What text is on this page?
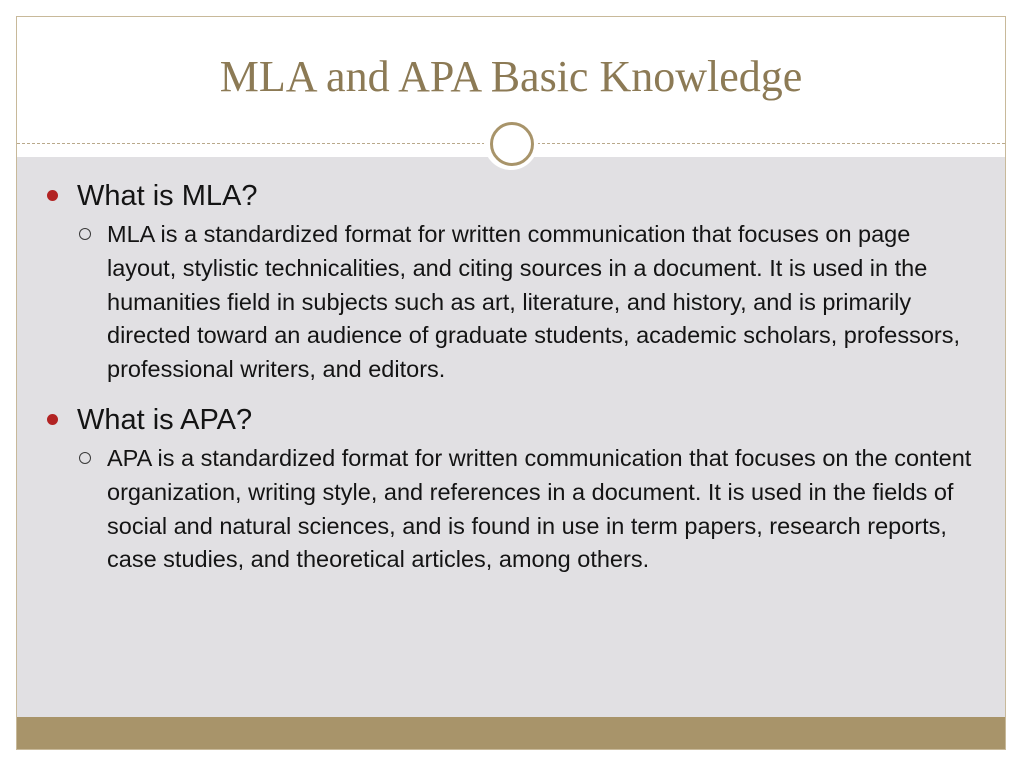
MLA and APA Basic Knowledge
What is MLA?
MLA is a standardized format for written communication that focuses on page layout, stylistic technicalities, and citing sources in a document. It is used in the humanities field in subjects such as art, literature, and history, and is primarily directed toward an audience of graduate students, academic scholars, professors, professional writers, and editors.
What is APA?
APA is a standardized format for written communication that focuses on the content organization, writing style, and references in a document. It is used in the fields of social and natural sciences, and is found in use in term papers, research reports, case studies, and theoretical articles, among others.
